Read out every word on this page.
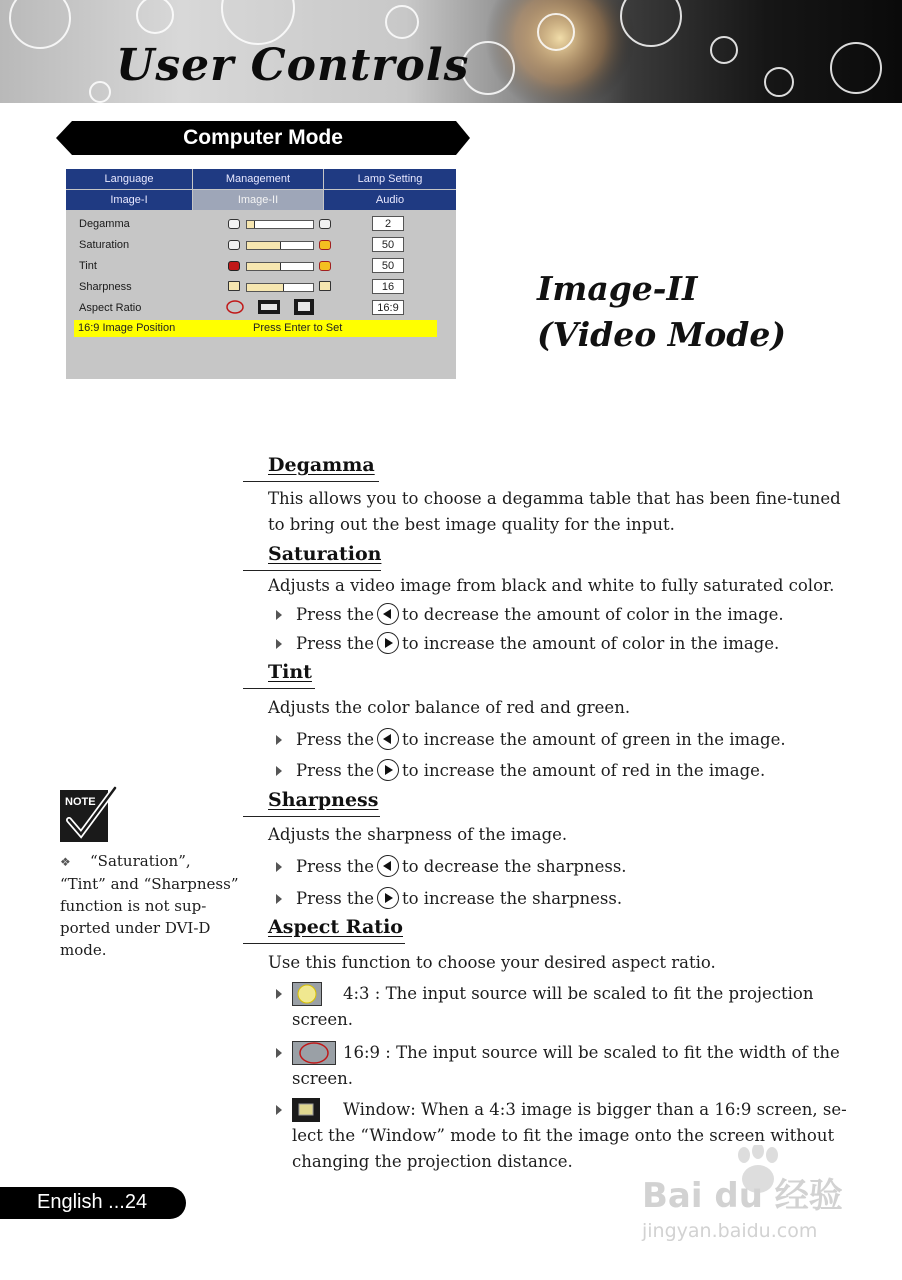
User Controls
Computer Mode
Language	Management	Lamp Setting
Image-I	Image-II	Audio
Degamma	2
Saturation	50
Tint	50
Sharpness	16
Aspect Ratio	16:9
16:9 Image Position	Press Enter to Set
Image-II
(Video Mode)
Degamma

This allows you to choose a degamma table that has been fine-tuned

to bring out the best image quality for the input.

Saturation

Adjusts a video image from black and white to fully saturated color.

Press the to decrease the amount of color in the image.
Press the to increase the amount of color in the image.
Tint

Adjusts the color balance of red and green.

Press the to increase the amount of green in the image.
Press the to increase the amount of red in the image.
Sharpness

Adjusts the sharpness of the image.

Press the to decrease the sharpness.
Press the to increase the sharpness.
Aspect Ratio

Use this function to choose your desired aspect ratio.

4:3 : The input source will be scaled to fit the projection
screen.
16:9 : The input source will be scaled to fit the width of the
screen.
Window: When a 4:3 image is bigger than a 16:9 screen, se-
lect the “Window” mode to fit the image onto the screen without
changing the projection distance.
NOTE

❖ “Saturation”,
“Tint” and “Sharpness”
function is not sup-
ported under DVI-D
mode.

English ...24	Bai du 经验
jingyan.baidu.com
